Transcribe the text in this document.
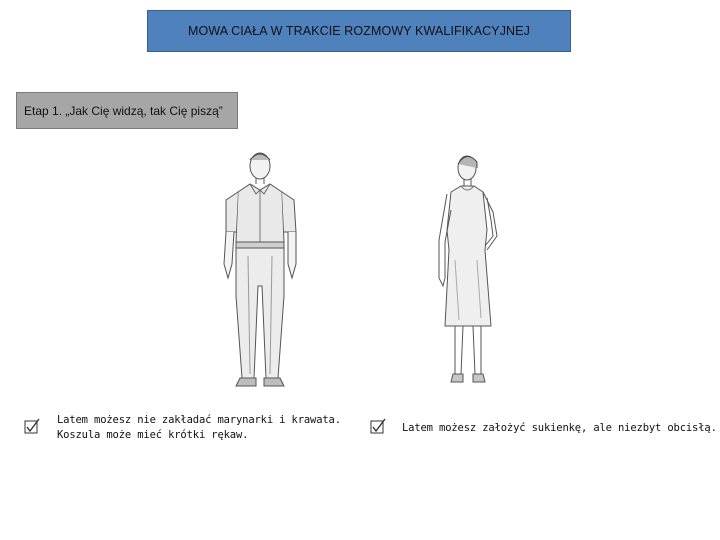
MOWA CIAŁA W TRAKCIE ROZMOWY KWALIFIKACYJNEJ
Etap 1. „Jak Cię widzą, tak Cię piszą”
Latem możesz nie zakładać marynarki i krawata.
Koszula może mieć krótki rękaw.
Latem możesz założyć sukienkę, ale niezbyt obcisłą.
